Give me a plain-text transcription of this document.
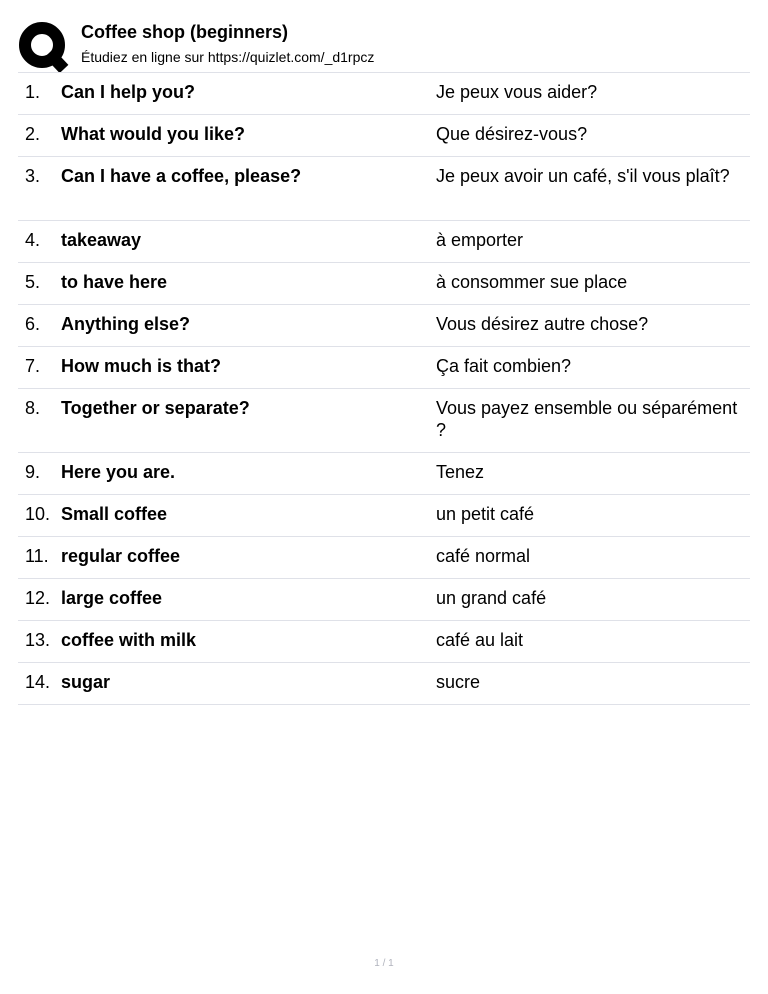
Coffee shop (beginners)
Étudiez en ligne sur https://quizlet.com/_d1rpcz
1. Can I help you?	Je peux vous aider?
2. What would you like?	Que désirez-vous?
3. Can I have a coffee, please?	Je peux avoir un café, s'il vous plaît?
4. takeaway	à emporter
5. to have here	à consommer sue place
6. Anything else?	Vous désirez autre chose?
7. How much is that?	Ça fait combien?
8. Together or separate?	Vous payez ensemble ou séparément ?
9. Here you are.	Tenez
10. Small coffee	un petit café
11. regular coffee	café normal
12. large coffee	un grand café
13. coffee with milk	café au lait
14. sugar	sucre
1 / 1
